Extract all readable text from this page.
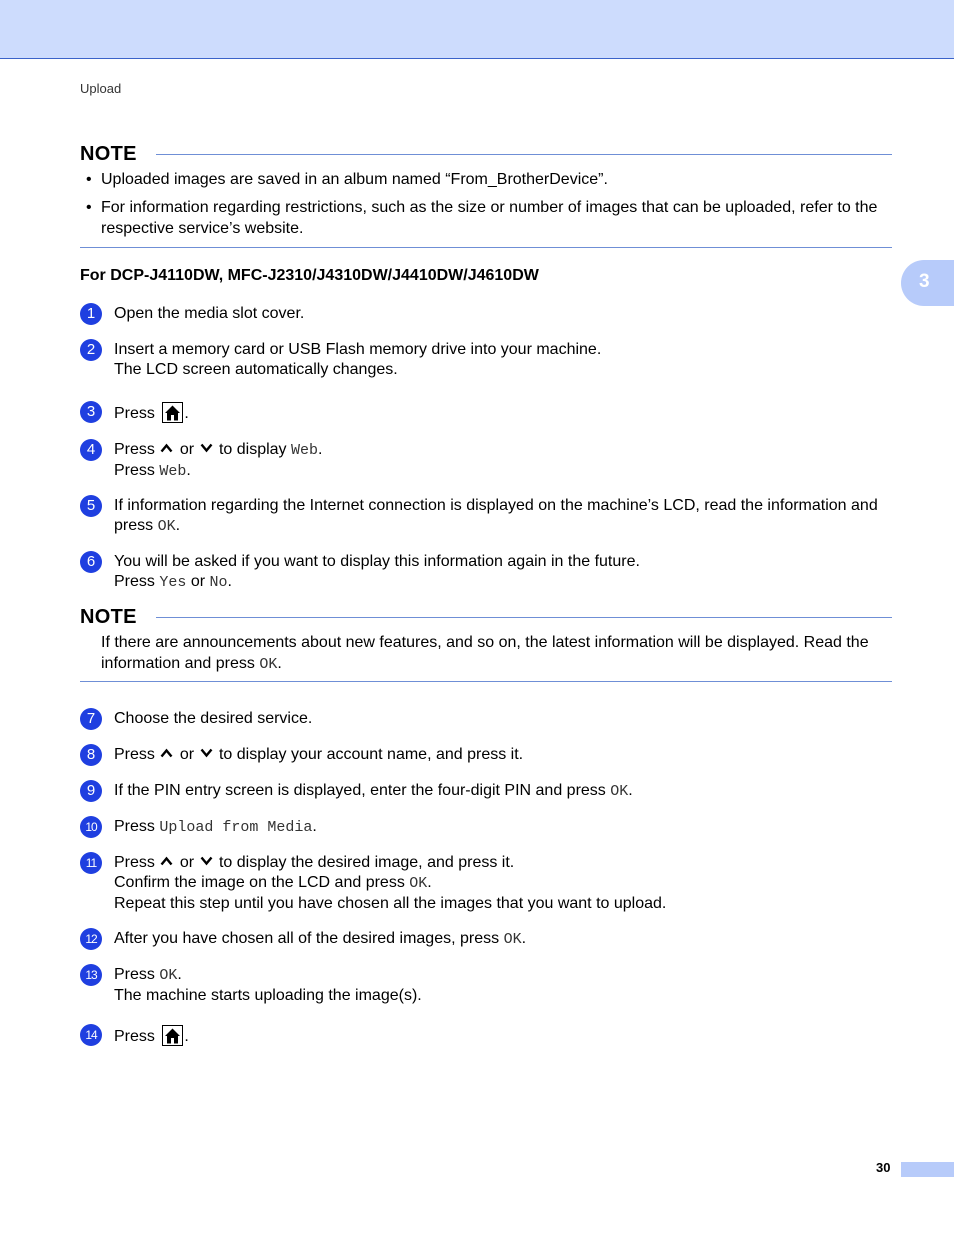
Upload
3
NOTE
• Uploaded images are saved in an album named “From_BrotherDevice”.
• For information regarding restrictions, such as the size or number of images that can be uploaded, refer to the respective service’s website.
For DCP-J4110DW, MFC-J2310/J4310DW/J4410DW/J4610DW
1	Open the media slot cover.
2	Insert a memory card or USB Flash memory drive into your machine.
The LCD screen automatically changes.
3	Press .
4	Press or to display Web.
Press Web.
5	If information regarding the Internet connection is displayed on the machine’s LCD, read the information and press OK.
6	You will be asked if you want to display this information again in the future.
Press Yes or No.
NOTE
If there are announcements about new features, and so on, the latest information will be displayed. Read the information and press OK.
7	Choose the desired service.
8	Press or to display your account name, and press it.
9	If the PIN entry screen is displayed, enter the four-digit PIN and press OK.
10	Press Upload from Media.
11	Press or to display the desired image, and press it.
Confirm the image on the LCD and press OK.
Repeat this step until you have chosen all the images that you want to upload.
12	After you have chosen all of the desired images, press OK.
13	Press OK.
The machine starts uploading the image(s).
14	Press .
30
